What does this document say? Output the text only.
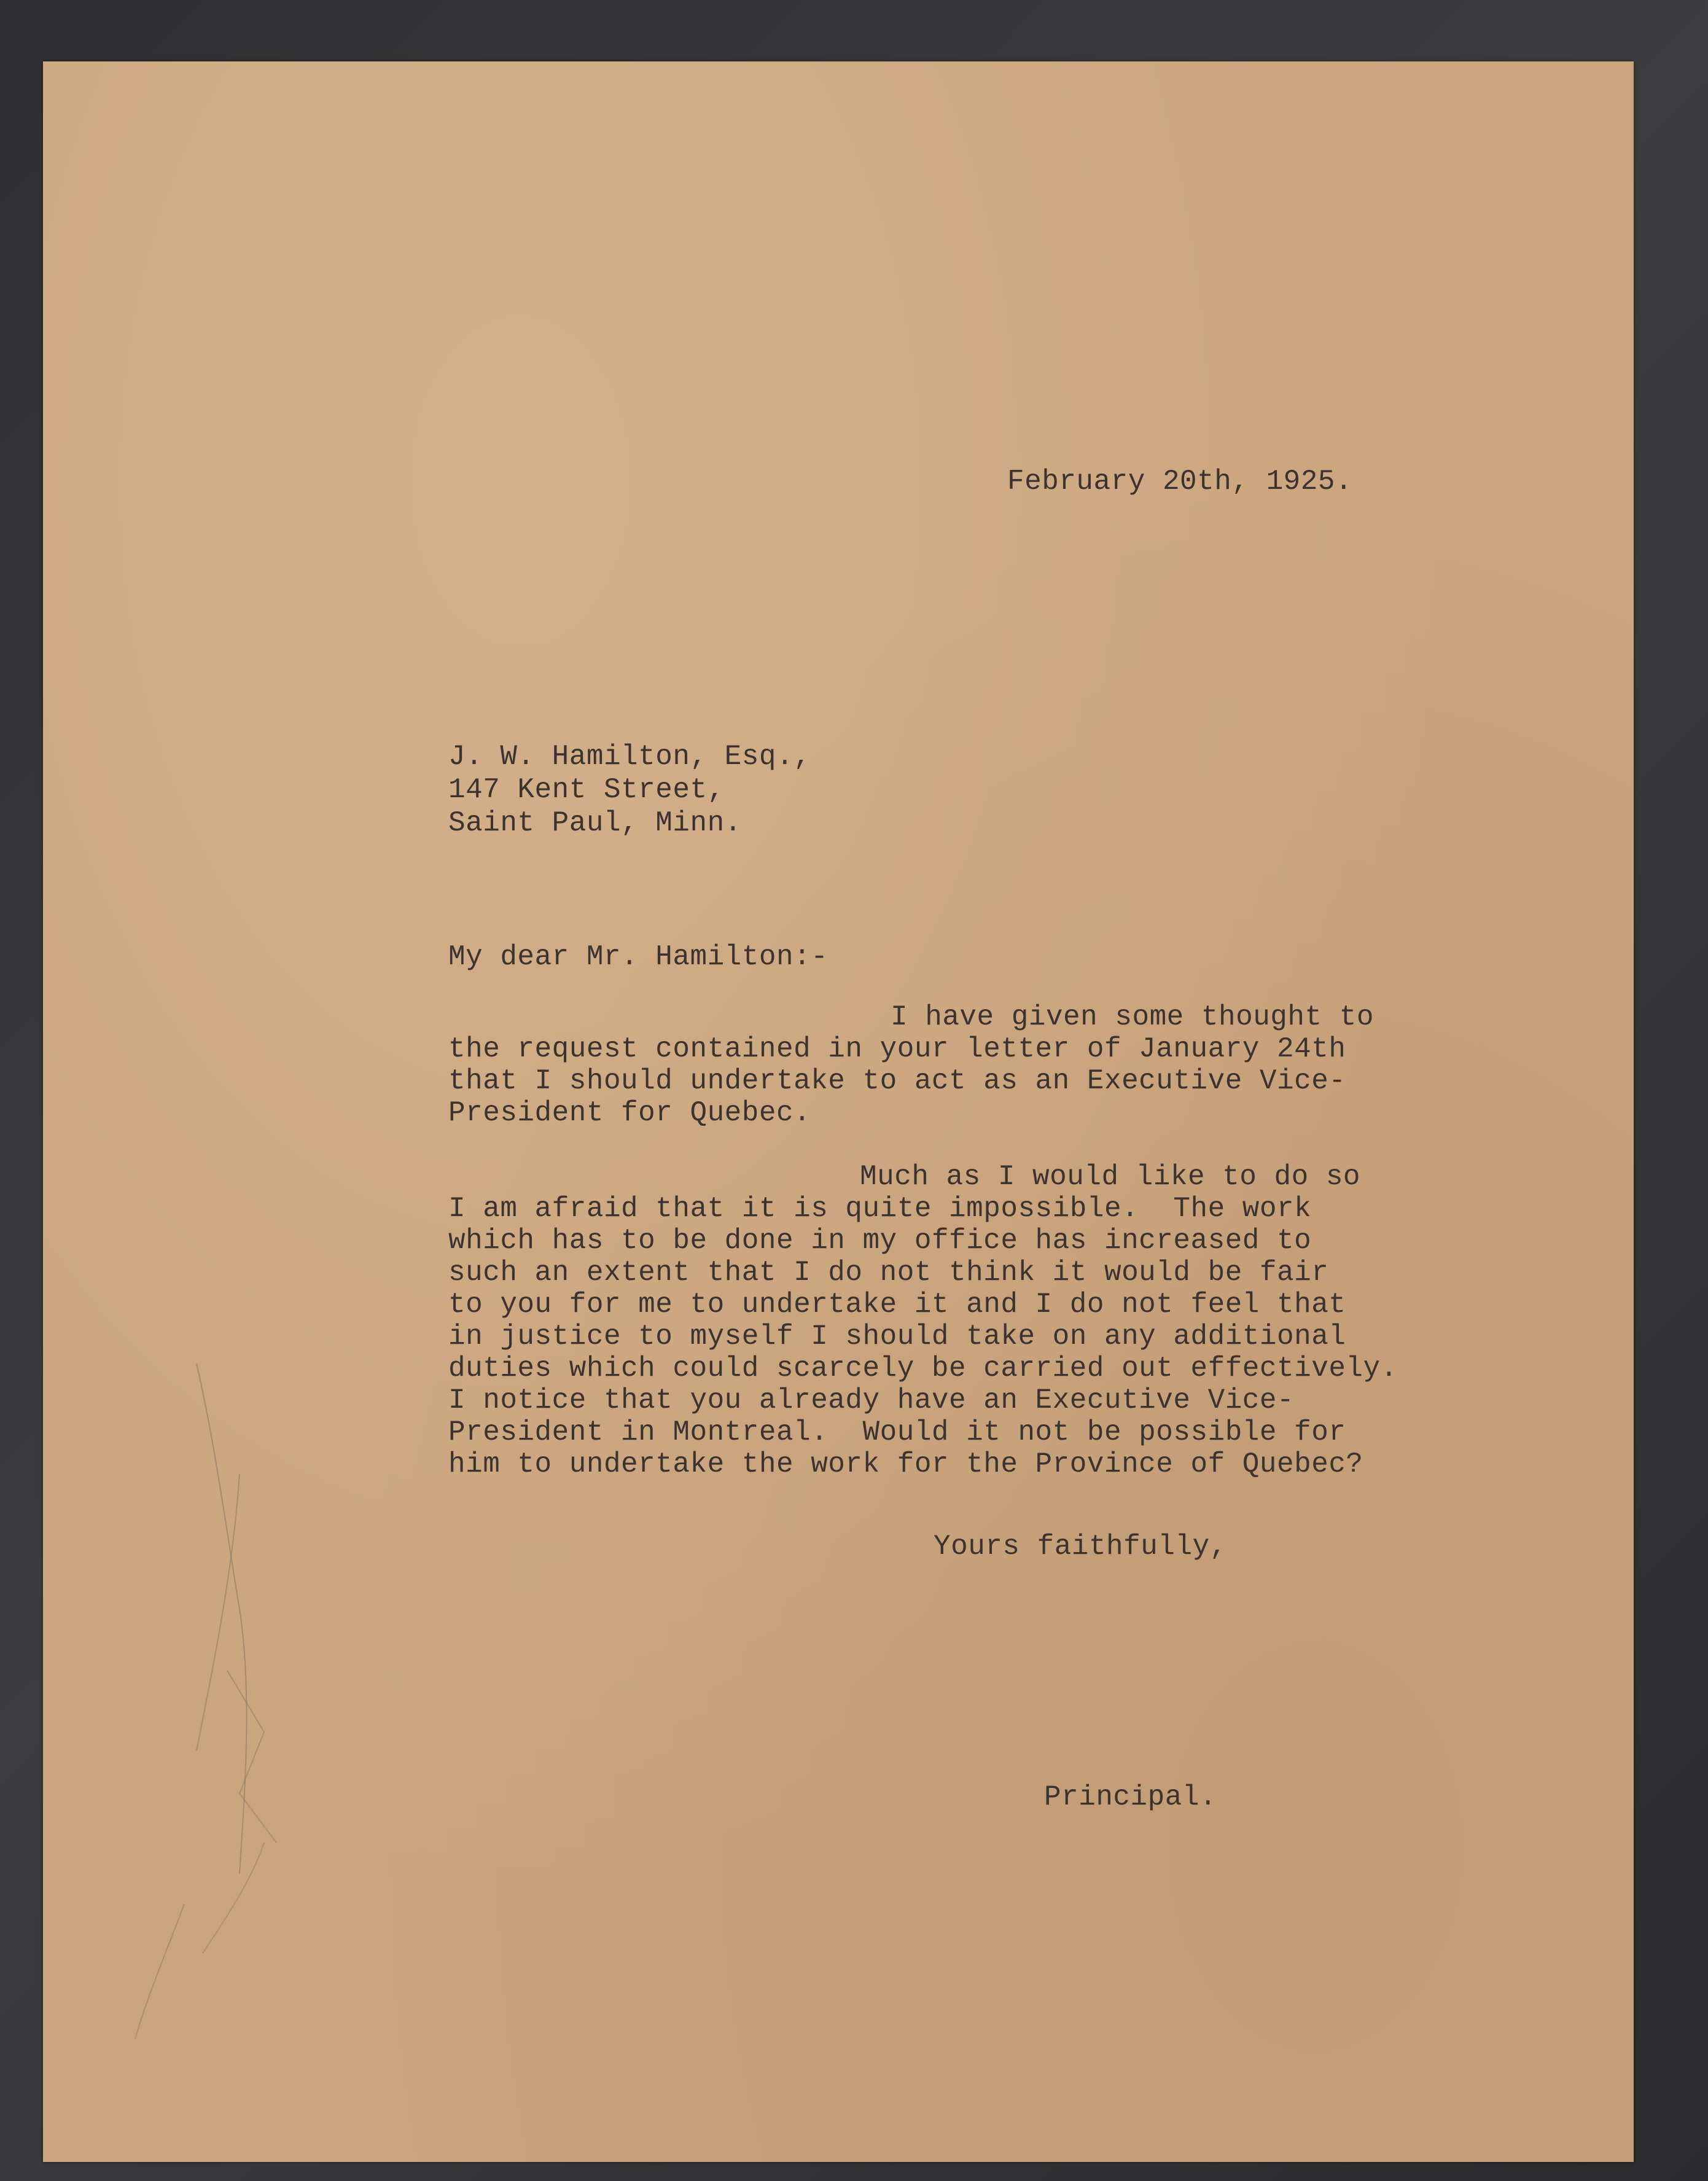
February 20th, 1925.
J. W. Hamilton, Esq.,
147 Kent Street,
Saint Paul, Minn.
My dear Mr. Hamilton:-
I have given some thought to
the request contained in your letter of January 24th
that I should undertake to act as an Executive Vice-
President for Quebec.
Much as I would like to do so
I am afraid that it is quite impossible.  The work
which has to be done in my office has increased to
such an extent that I do not think it would be fair
to you for me to undertake it and I do not feel that
in justice to myself I should take on any additional
duties which could scarcely be carried out effectively.
I notice that you already have an Executive Vice-
President in Montreal.  Would it not be possible for
him to undertake the work for the Province of Quebec?
Yours faithfully,
Principal.
